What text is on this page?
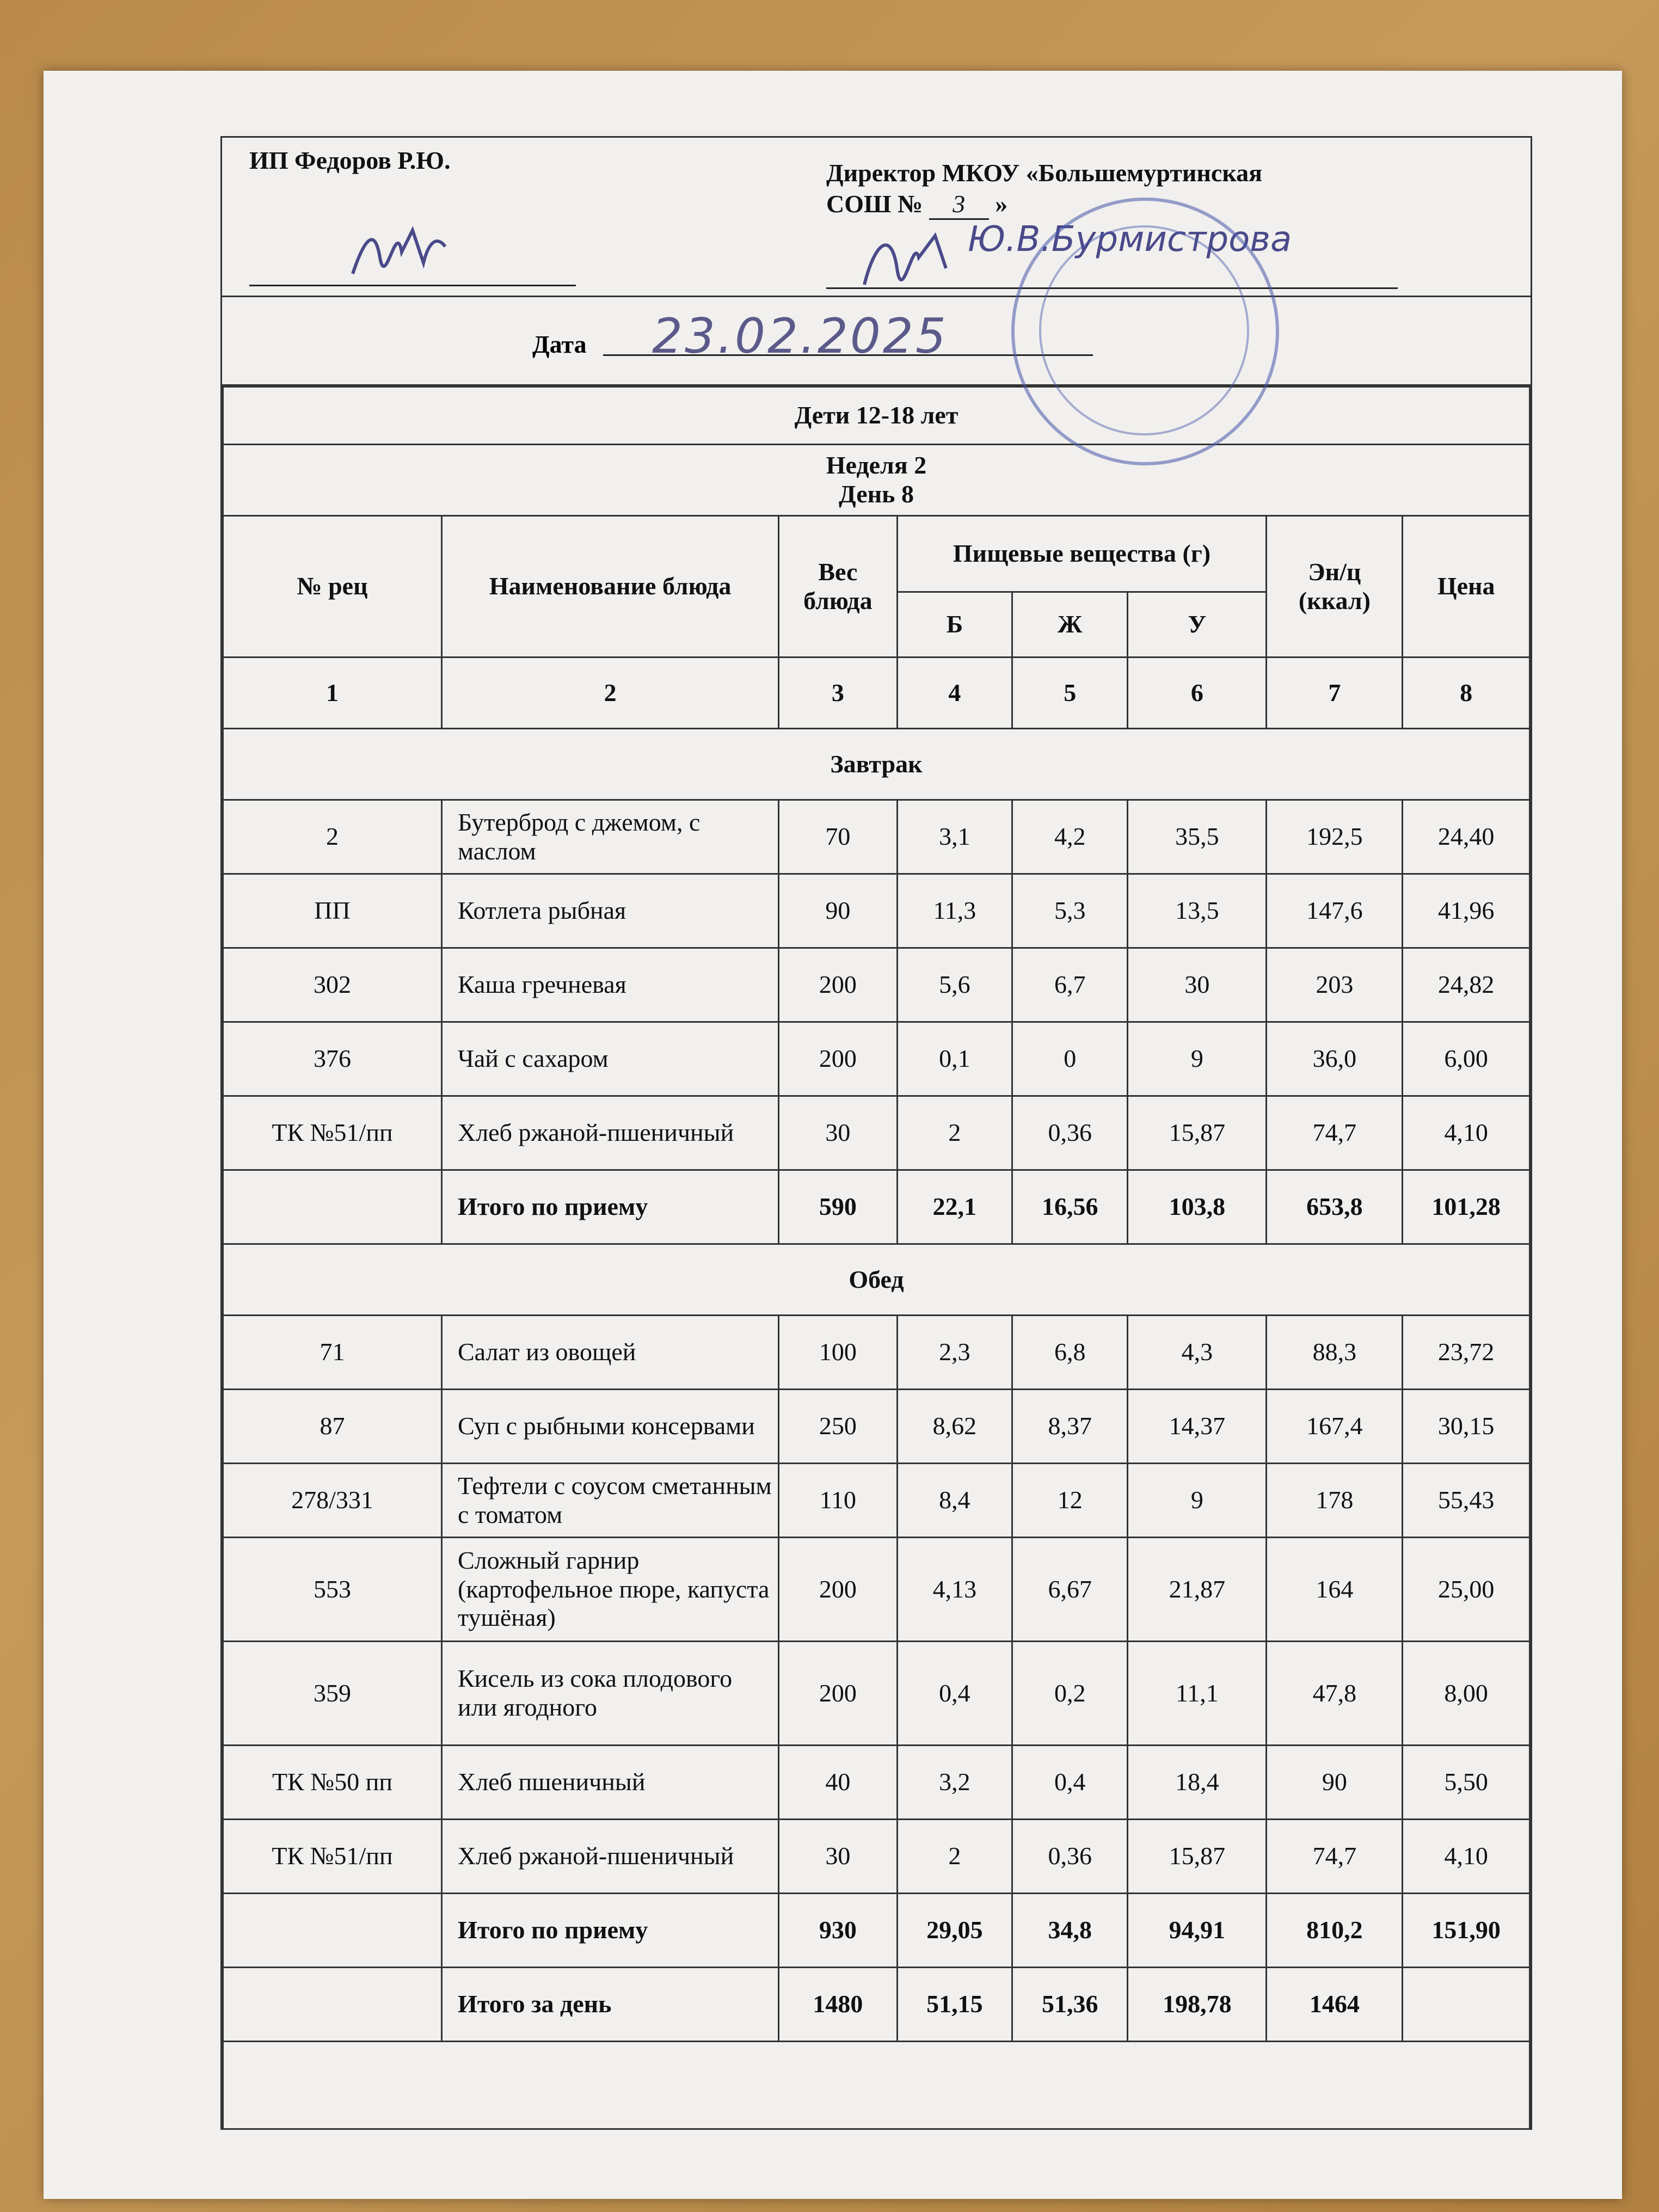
ИП Федоров Р.Ю.	Директор МКОУ «Большемуртинская
СОШ № 3 »
Ю.В.Бурмистрова
Дата 23.02.2025
Дети 12-18 лет							
Неделя 2
День 8							
№ рец	Наименование блюда	Вес блюда	Пищевые вещества (г)			Эн/ц (ккал)	Цена
			Б	Ж	У		
1	2	3	4	5	6	7	8
Завтрак							
2	Бутерброд с джемом, с маслом	70	3,1	4,2	35,5	192,5	24,40
ПП	Котлета рыбная	90	11,3	5,3	13,5	147,6	41,96
302	Каша гречневая	200	5,6	6,7	30	203	24,82
376	Чай с сахаром	200	0,1	0	9	36,0	6,00
ТК №51/пп	Хлеб ржаной-пшеничный	30	2	0,36	15,87	74,7	4,10
	Итого по приему	590	22,1	16,56	103,8	653,8	101,28
Обед							
71	Салат из овощей	100	2,3	6,8	4,3	88,3	23,72
87	Суп с рыбными консервами	250	8,62	8,37	14,37	167,4	30,15
278/331	Тефтели с соусом сметанным с томатом	110	8,4	12	9	178	55,43
553	Сложный гарнир (картофельное пюре, капуста тушёная)	200	4,13	6,67	21,87	164	25,00
359	Кисель из сока плодового или ягодного	200	0,4	0,2	11,1	47,8	8,00
ТК №50 пп	Хлеб пшеничный	40	3,2	0,4	18,4	90	5,50
ТК №51/пп	Хлеб ржаной-пшеничный	30	2	0,36	15,87	74,7	4,10
	Итого по приему	930	29,05	34,8	94,91	810,2	151,90
	Итого за день	1480	51,15	51,36	198,78	1464	
